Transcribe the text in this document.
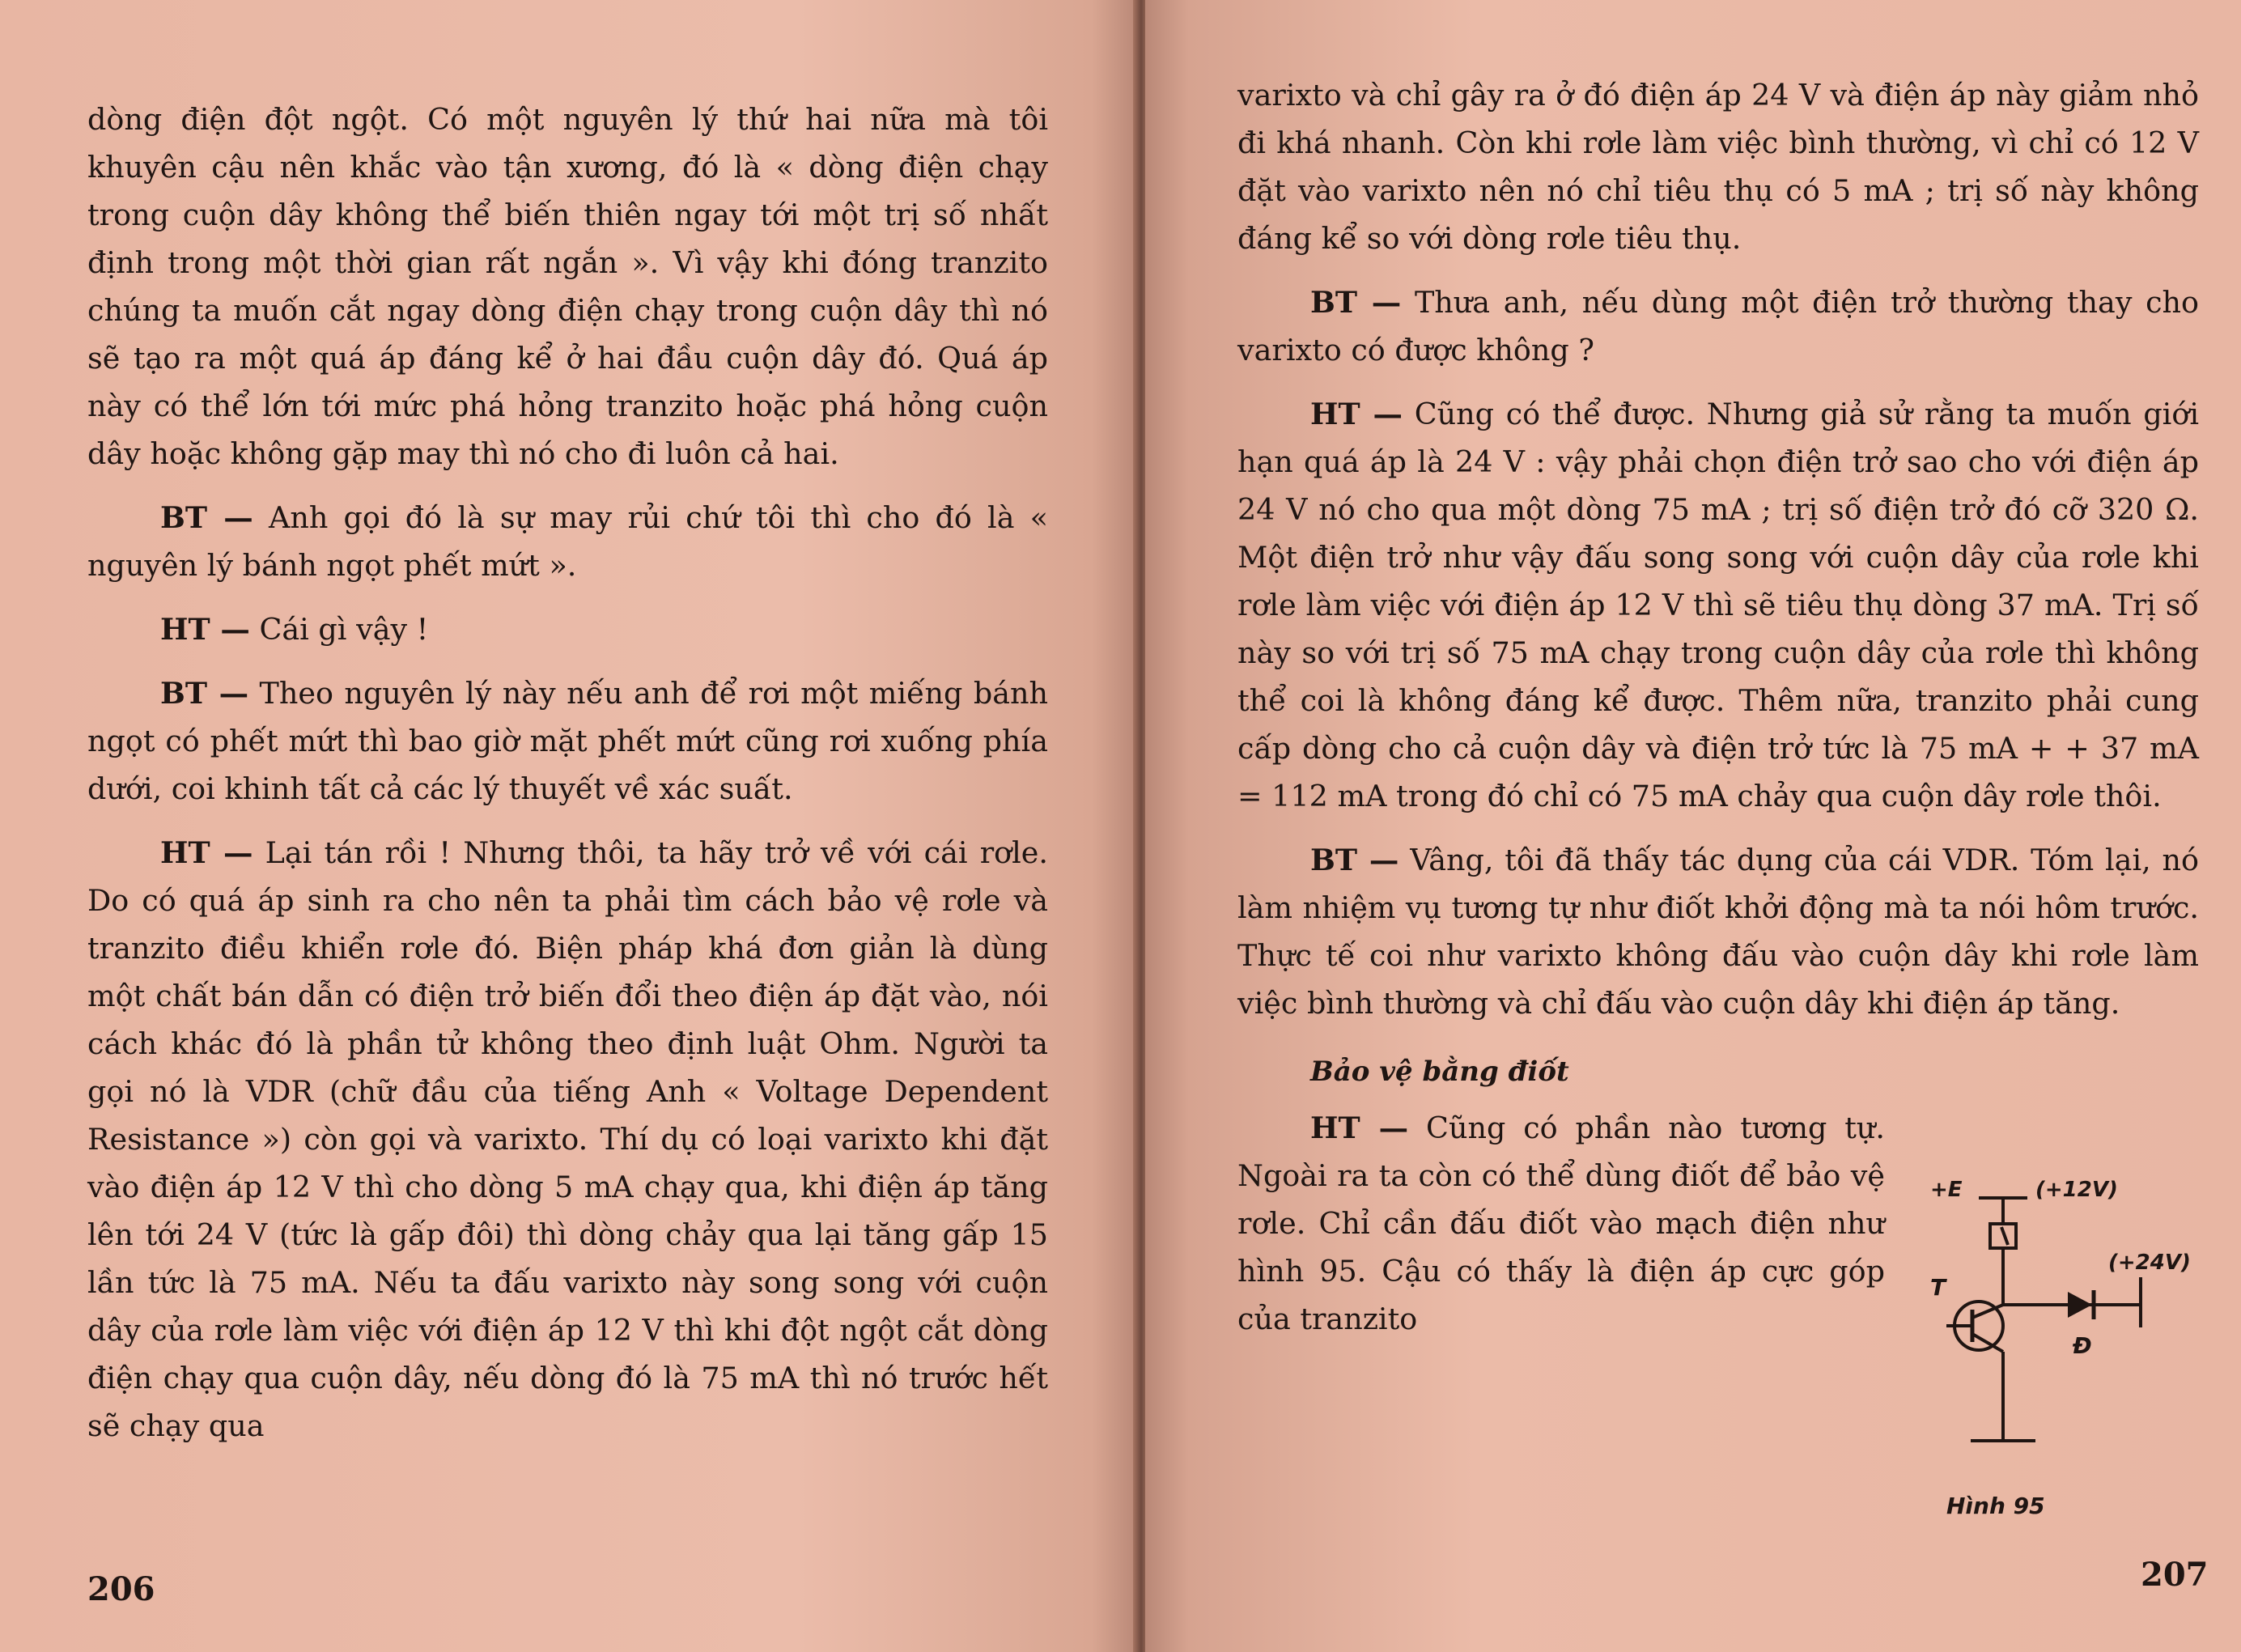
dòng điện đột ngột. Có một nguyên lý thứ hai nữa mà tôi khuyên cậu nên khắc vào tận xương, đó là « dòng điện chạy trong cuộn dây không thể biến thiên ngay tới một trị số nhất định trong một thời gian rất ngắn ». Vì vậy khi đóng tranzito chúng ta muốn cắt ngay dòng điện chạy trong cuộn dây thì nó sẽ tạo ra một quá áp đáng kể ở hai đầu cuộn dây đó. Quá áp này có thể lớn tới mức phá hỏng tranzito hoặc phá hỏng cuộn dây hoặc không gặp may thì nó cho đi luôn cả hai.

BT — Anh gọi đó là sự may rủi chứ tôi thì cho đó là « nguyên lý bánh ngọt phết mứt ».

HT — Cái gì vậy !

BT — Theo nguyên lý này nếu anh để rơi một miếng bánh ngọt có phết mứt thì bao giờ mặt phết mứt cũng rơi xuống phía dưới, coi khinh tất cả các lý thuyết về xác suất.

HT — Lại tán rồi ! Nhưng thôi, ta hãy trở về với cái rơle. Do có quá áp sinh ra cho nên ta phải tìm cách bảo vệ rơle và tranzito điều khiển rơle đó. Biện pháp khá đơn giản là dùng một chất bán dẫn có điện trở biến đổi theo điện áp đặt vào, nói cách khác đó là phần tử không theo định luật Ohm. Người ta gọi nó là VDR (chữ đầu của tiếng Anh « Voltage Dependent Resistance ») còn gọi và varixto. Thí dụ có loại varixto khi đặt vào điện áp 12 V thì cho dòng 5 mA chạy qua, khi điện áp tăng lên tới 24 V (tức là gấp đôi) thì dòng chảy qua lại tăng gấp 15 lần tức là 75 mA. Nếu ta đấu varixto này song song với cuộn dây của rơle làm việc với điện áp 12 V thì khi đột ngột cắt dòng điện chạy qua cuộn dây, nếu dòng đó là 75 mA thì nó trước hết sẽ chạy qua

206

varixto và chỉ gây ra ở đó điện áp 24 V và điện áp này giảm nhỏ đi khá nhanh. Còn khi rơle làm việc bình thường, vì chỉ có 12 V đặt vào varixto nên nó chỉ tiêu thụ có 5 mA ; trị số này không đáng kể so với dòng rơle tiêu thụ.

BT — Thưa anh, nếu dùng một điện trở thường thay cho varixto có được không ?

HT — Cũng có thể được. Nhưng giả sử rằng ta muốn giới hạn quá áp là 24 V : vậy phải chọn điện trở sao cho với điện áp 24 V nó cho qua một dòng 75 mA ; trị số điện trở đó cỡ 320 Ω. Một điện trở như vậy đấu song song với cuộn dây của rơle khi rơle làm việc với điện áp 12 V thì sẽ tiêu thụ dòng 37 mA. Trị số này so với trị số 75 mA chạy trong cuộn dây của rơle thì không thể coi là không đáng kể được. Thêm nữa, tranzito phải cung cấp dòng cho cả cuộn dây và điện trở tức là 75 mA + + 37 mA = 112 mA trong đó chỉ có 75 mA chảy qua cuộn dây rơle thôi.

BT — Vâng, tôi đã thấy tác dụng của cái VDR. Tóm lại, nó làm nhiệm vụ tương tự như điốt khởi động mà ta nói hôm trước. Thực tế coi như varixto không đấu vào cuộn dây khi rơle làm việc bình thường và chỉ đấu vào cuộn dây khi điện áp tăng.

Bảo vệ bằng điốt

HT — Cũng có phần nào tương tự. Ngoài ra ta còn có thể dùng điốt để bảo vệ rơle. Chỉ cần đấu điốt vào mạch điện như hình 95. Cậu có thấy là điện áp cực góp của tranzito

+E	(+12V)
(+24V)
T
Đ
Hình 95
207
